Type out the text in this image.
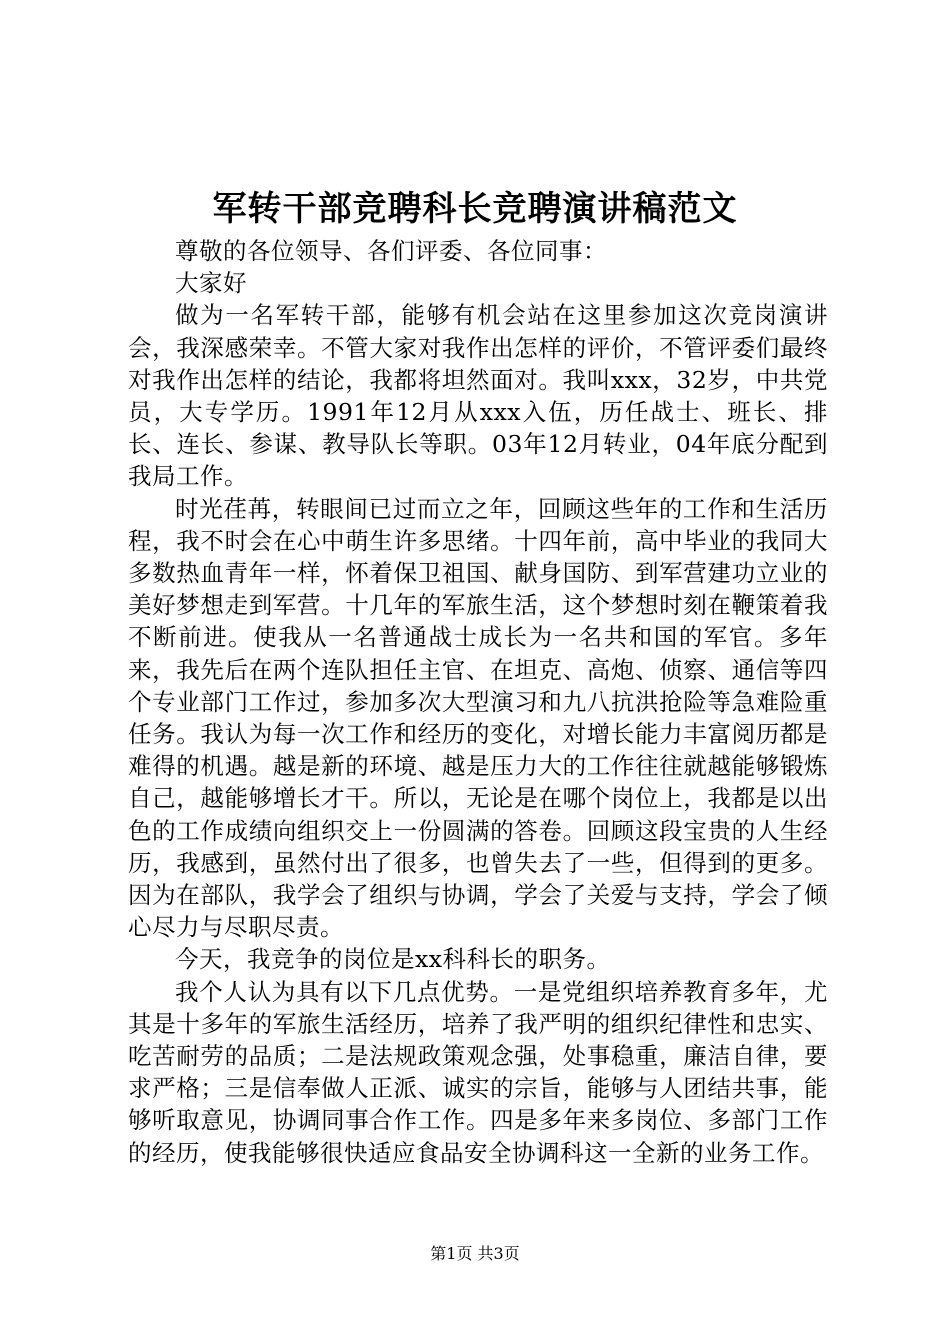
军转干部竞聘科长竞聘演讲稿范文

尊敬的各位领导、各们评委、各位同事：

大家好

做为一名军转干部，能够有机会站在这里参加这次竞岗演讲会，我深感荣幸。不管大家对我作出怎样的评价，不管评委们最终对我作出怎样的结论，我都将坦然面对。我叫xxx，32岁，中共党员，大专学历。1991年12月从xxx入伍，历任战士、班长、排长、连长、参谋、教导队长等职。03年12月转业，04年底分配到我局工作。

时光荏苒，转眼间已过而立之年，回顾这些年的工作和生活历程，我不时会在心中萌生许多思绪。十四年前，高中毕业的我同大多数热血青年一样，怀着保卫祖国、献身国防、到军营建功立业的美好梦想走到军营。十几年的军旅生活，这个梦想时刻在鞭策着我不断前进。使我从一名普通战士成长为一名共和国的军官。多年来，我先后在两个连队担任主官、在坦克、高炮、侦察、通信等四个专业部门工作过，参加多次大型演习和九八抗洪抢险等急难险重任务。我认为每一次工作和经历的变化，对增长能力丰富阅历都是难得的机遇。越是新的环境、越是压力大的工作往往就越能够锻炼自己，越能够增长才干。所以，无论是在哪个岗位上，我都是以出色的工作成绩向组织交上一份圆满的答卷。回顾这段宝贵的人生经历，我感到，虽然付出了很多，也曾失去了一些，但得到的更多。因为在部队，我学会了组织与协调，学会了关爱与支持，学会了倾心尽力与尽职尽责。

今天，我竞争的岗位是xx科科长的职务。

我个人认为具有以下几点优势。一是党组织培养教育多年，尤其是十多年的军旅生活经历，培养了我严明的组织纪律性和忠实、吃苦耐劳的品质；二是法规政策观念强，处事稳重，廉洁自律，要求严格；三是信奉做人正派、诚实的宗旨，能够与人团结共事，能够听取意见，协调同事合作工作。四是多年来多岗位、多部门工作的经历，使我能够很快适应食品安全协调科这一全新的业务工作。

第1页 共3页
